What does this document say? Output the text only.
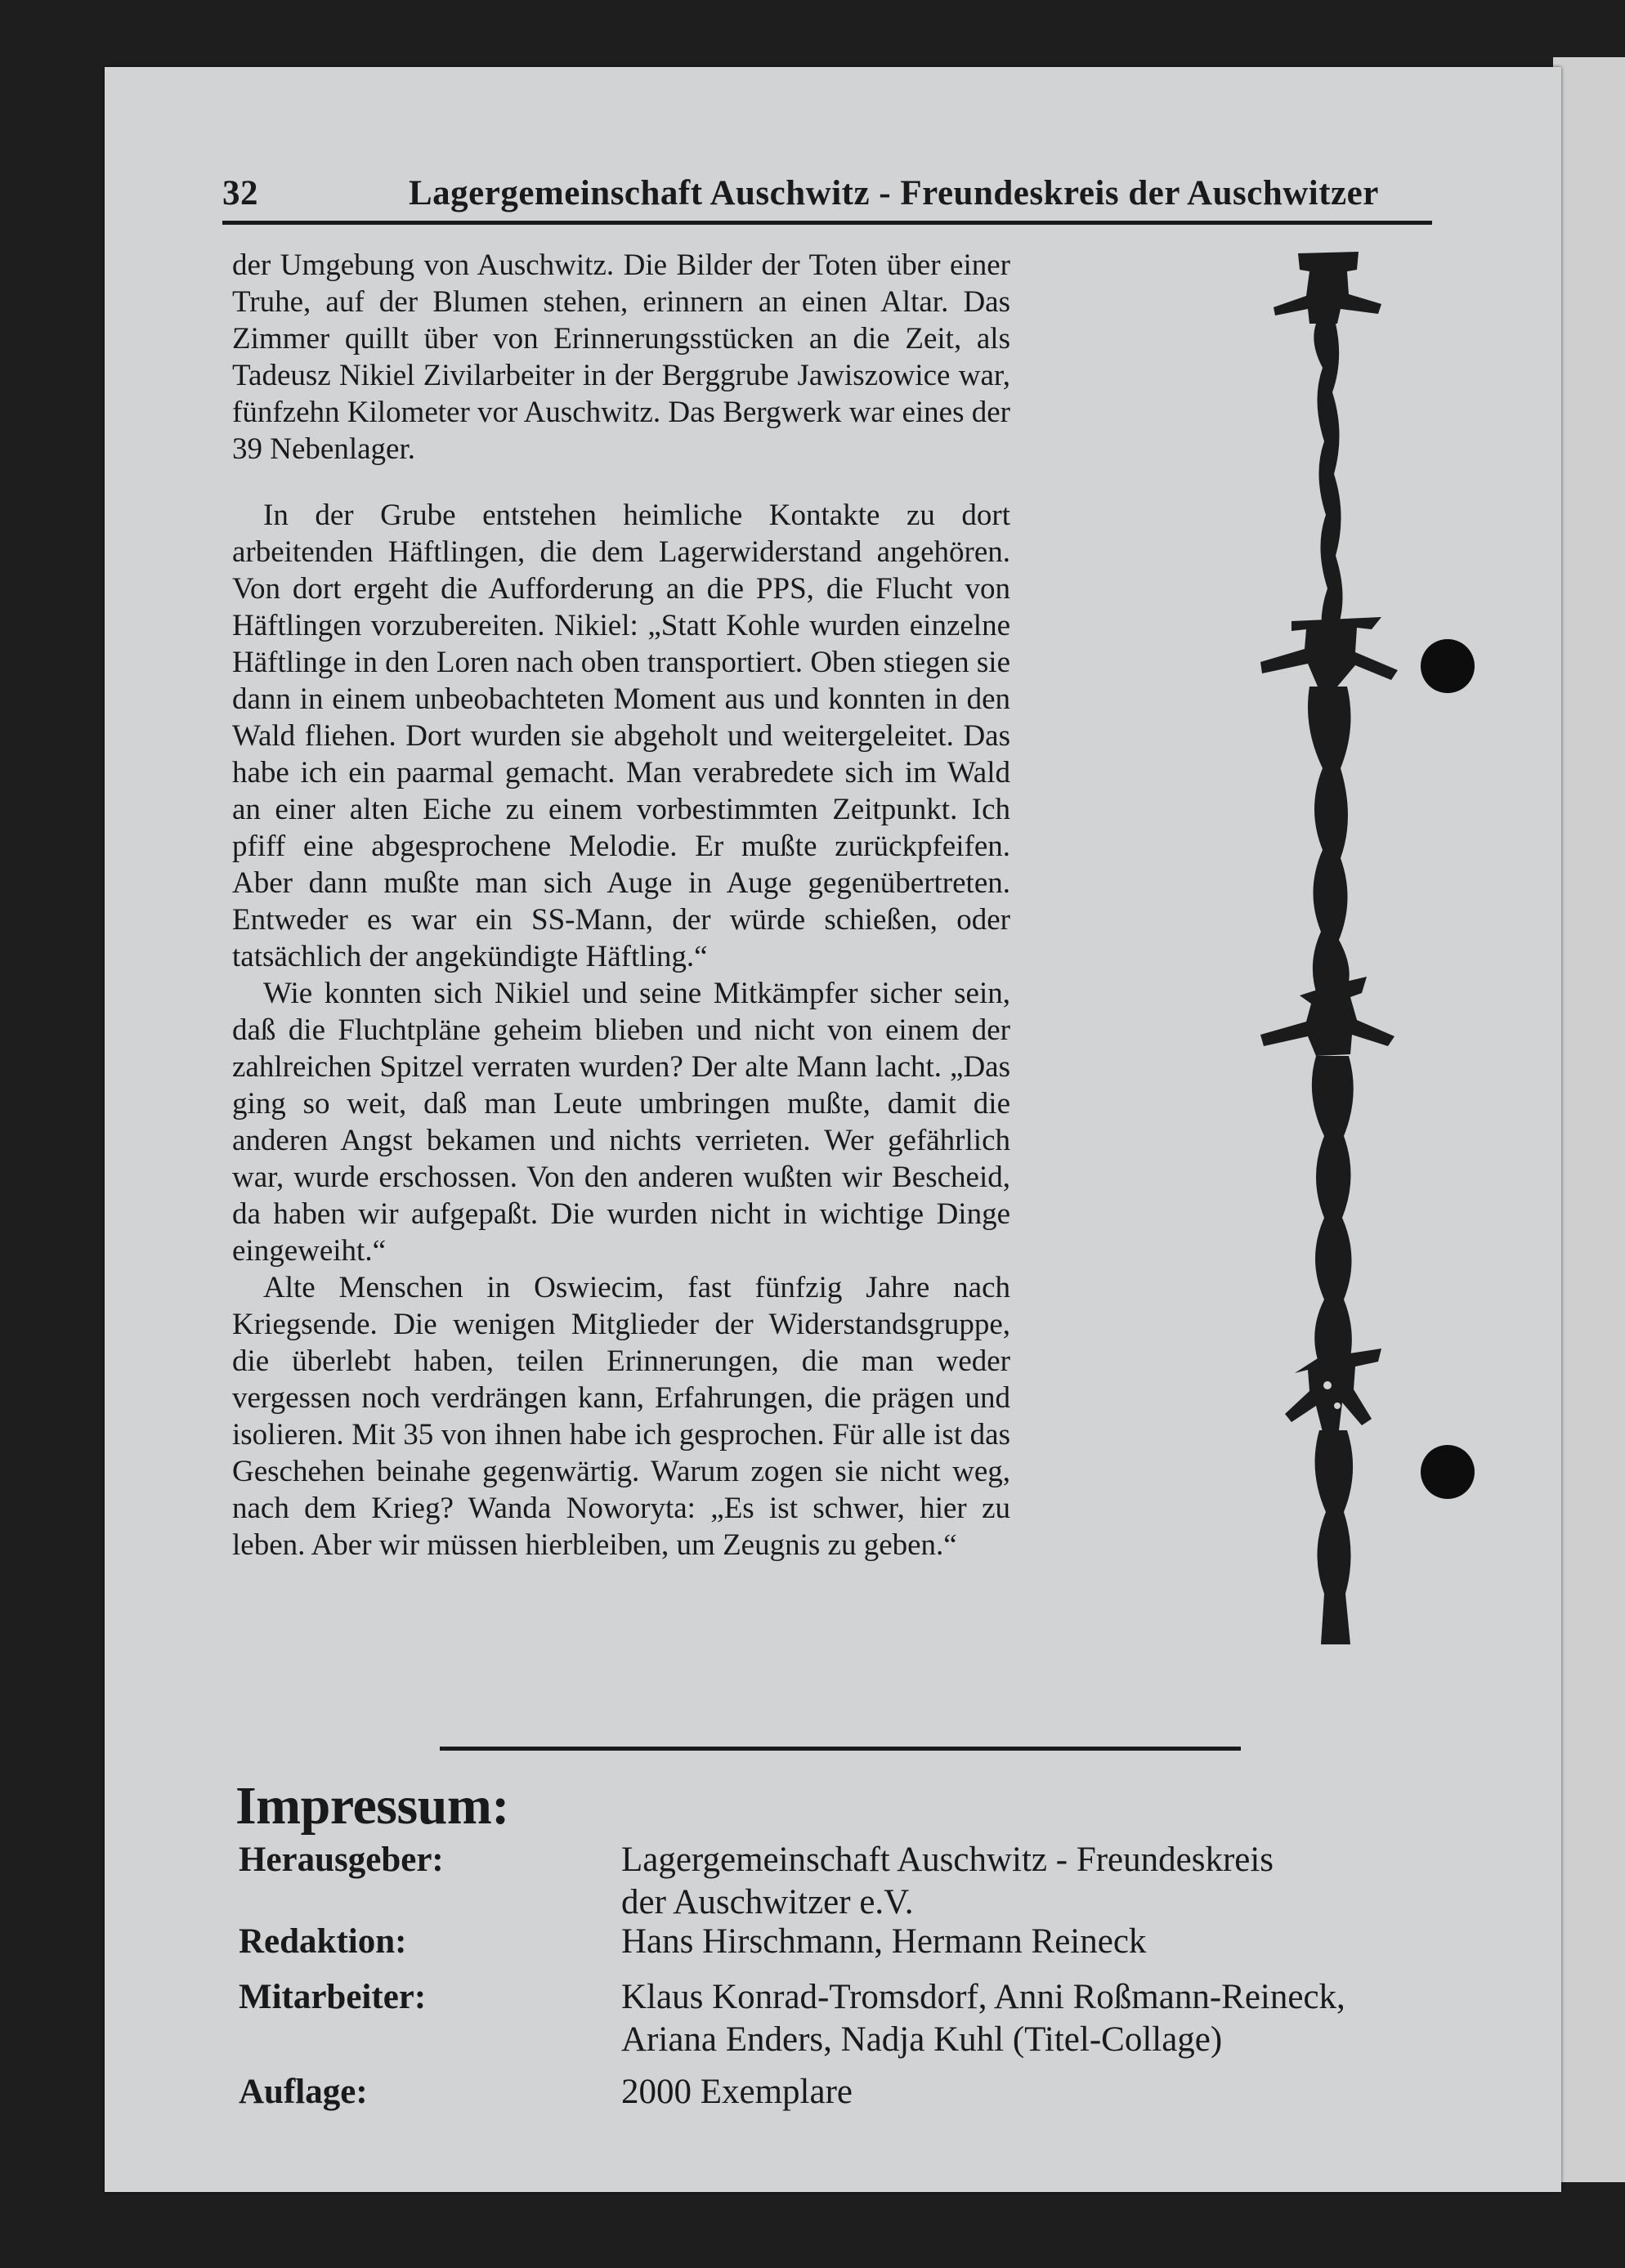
32	Lagergemeinschaft Auschwitz - Freundeskreis der Auschwitzer

der Umgebung von Auschwitz. Die Bilder der Toten über einer Truhe, auf der Blumen stehen, erinnern an einen Altar. Das Zimmer quillt über von Erinnerungsstücken an die Zeit, als Tadeusz Nikiel Zivilarbeiter in der Berggrube Jawiszowice war, fünfzehn Kilometer vor Auschwitz. Das Bergwerk war eines der 39 Nebenlager.

In der Grube entstehen heimliche Kontakte zu dort arbeitenden Häftlingen, die dem Lagerwiderstand angehören. Von dort ergeht die Aufforderung an die PPS, die Flucht von Häftlingen vorzubereiten. Nikiel: „Statt Kohle wurden einzelne Häftlinge in den Loren nach oben transportiert. Oben stiegen sie dann in einem unbeobachteten Moment aus und konnten in den Wald fliehen. Dort wurden sie abgeholt und weitergeleitet. Das habe ich ein paarmal gemacht. Man verabredete sich im Wald an einer alten Eiche zu einem vorbestimmten Zeitpunkt. Ich pfiff eine abgesprochene Melodie. Er mußte zurückpfeifen. Aber dann mußte man sich Auge in Auge gegenübertreten. Entweder es war ein SS-Mann, der würde schießen, oder tatsächlich der angekündigte Häftling.“

Wie konnten sich Nikiel und seine Mitkämpfer sicher sein, daß die Fluchtpläne geheim blieben und nicht von einem der zahlreichen Spitzel verraten wurden? Der alte Mann lacht. „Das ging so weit, daß man Leute umbringen mußte, damit die anderen Angst bekamen und nichts verrieten. Wer gefährlich war, wurde erschossen. Von den anderen wußten wir Bescheid, da haben wir aufgepaßt. Die wurden nicht in wichtige Dinge eingeweiht.“

Alte Menschen in Oswiecim, fast fünfzig Jahre nach Kriegsende. Die wenigen Mitglieder der Widerstandsgruppe, die überlebt haben, teilen Erinnerungen, die man weder vergessen noch verdrängen kann, Erfahrungen, die prägen und isolieren. Mit 35 von ihnen habe ich gesprochen. Für alle ist das Geschehen beinahe gegenwärtig. Warum zogen sie nicht weg, nach dem Krieg? Wanda Noworyta: „Es ist schwer, hier zu leben. Aber wir müssen hierbleiben, um Zeugnis zu geben.“

Impressum:
Herausgeber:	Lagergemeinschaft Auschwitz - Freundeskreis
der Auschwitzer e.V.
Redaktion:	Hans Hirschmann, Hermann Reineck
Mitarbeiter:	Klaus Konrad-Tromsdorf, Anni Roßmann-Reineck,
Ariana Enders, Nadja Kuhl (Titel-Collage)
Auflage:	2000 Exemplare
